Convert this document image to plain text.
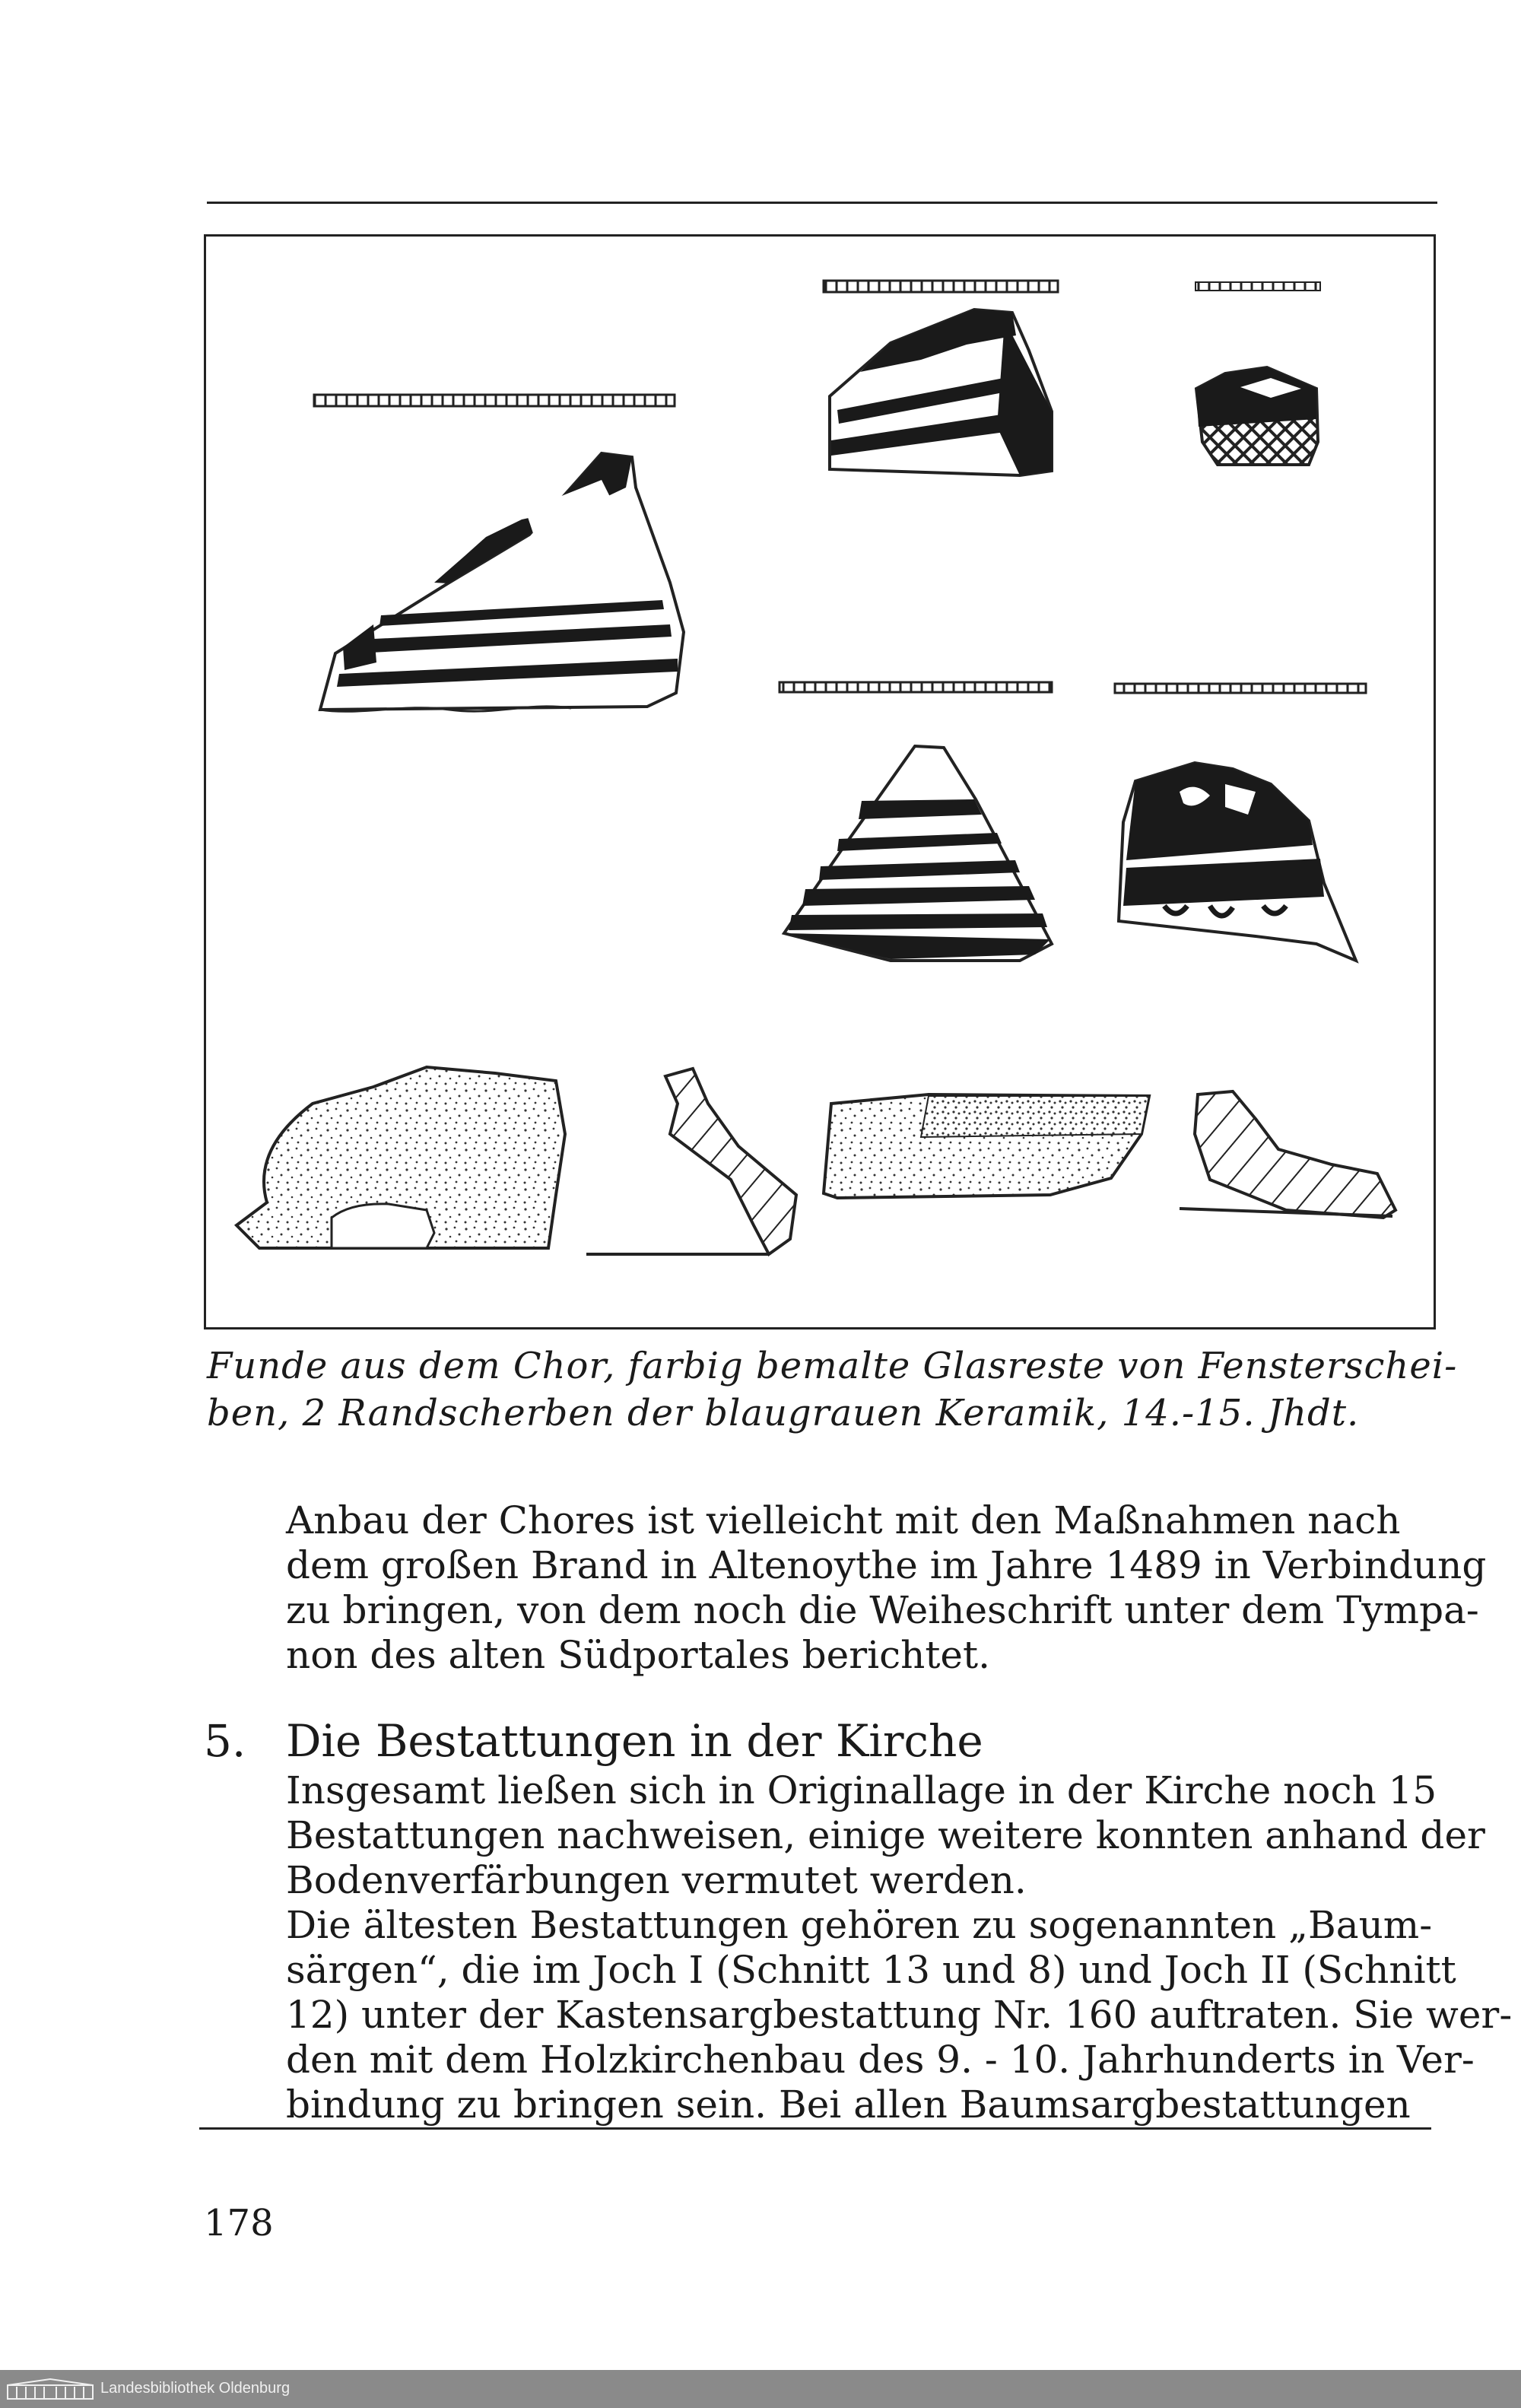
Funde aus dem Chor, farbig bemalte Glasreste von Fensterschei-
ben, 2 Randscherben der blaugrauen Keramik, 14.-15. Jhdt.
Anbau der Chores ist vielleicht mit den Maßnahmen nach
dem großen Brand in Altenoythe im Jahre 1489 in Verbindung
zu bringen, von dem noch die Weiheschrift unter dem Tympa-
non des alten Südportales berichtet.
5. Die Bestattungen in der Kirche
Insgesamt ließen sich in Originallage in der Kirche noch 15
Bestattungen nachweisen, einige weitere konnten anhand der
Bodenverfärbungen vermutet werden.
Die ältesten Bestattungen gehören zu sogenannten „Baum-
särgen“, die im Joch I (Schnitt 13 und 8) und Joch II (Schnitt
12) unter der Kastensargbestattung Nr. 160 auftraten. Sie wer-
den mit dem Holzkirchenbau des 9. - 10. Jahrhunderts in Ver-
bindung zu bringen sein. Bei allen Baumsargbestattungen
178
Landesbibliothek Oldenburg
